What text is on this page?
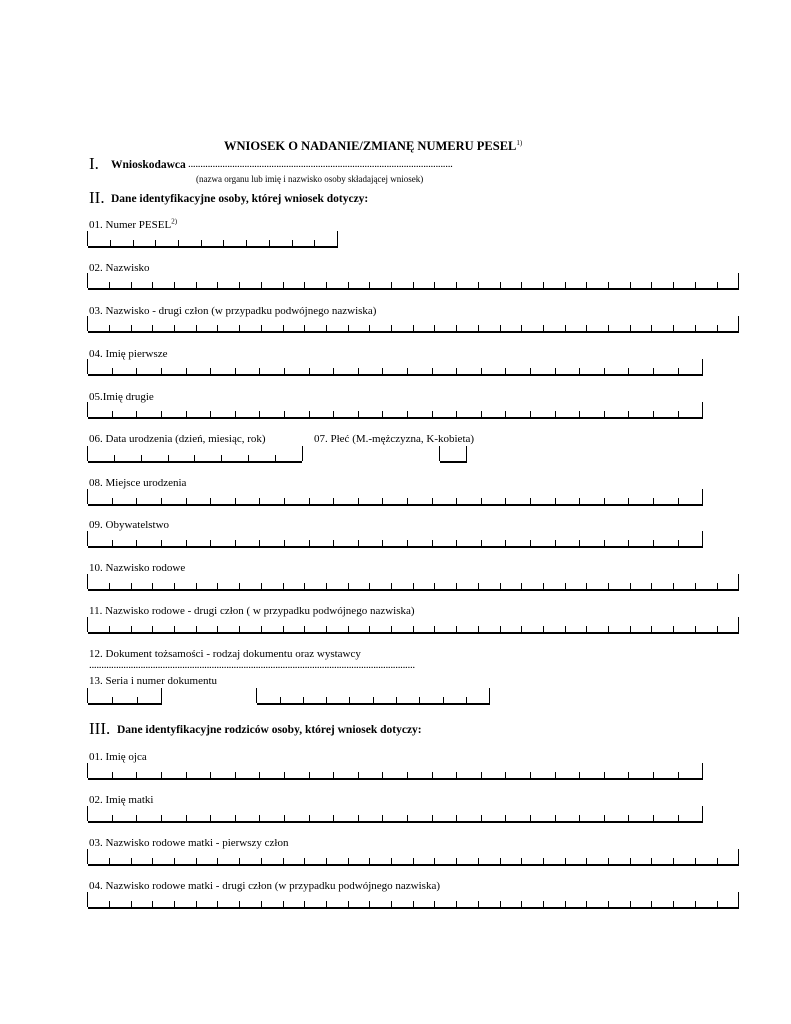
WNIOSEK O NADANIE/ZMIANĘ NUMERU PESEL$^{1)}$
I. Wnioskodawca ............................................................................................................
(nazwa organu lub imię i nazwisko osoby składającej wniosek)
II. Dane identyfikacyjne osoby, której wniosek dotyczy:
01. Numer PESEL$^{2)}$
02. Nazwisko
03. Nazwisko - drugi człon (w przypadku podwójnego nazwiska)
04. Imię pierwsze
05.Imię drugie
06. Data urodzenia (dzień, miesiąc, rok)	07. Płeć (M.-mężczyzna, K-kobieta)
08. Miejsce urodzenia
09. Obywatelstwo
10. Nazwisko rodowe
11. Nazwisko rodowe - drugi człon ( w przypadku podwójnego nazwiska)
12. Dokument tożsamości - rodzaj dokumentu oraz wystawcy
.....................................................................................................................................
13. Seria i numer dokumentu
III. Dane identyfikacyjne rodziców osoby, której wniosek dotyczy:
01. Imię ojca
02. Imię matki
03. Nazwisko rodowe matki - pierwszy człon
04. Nazwisko rodowe matki - drugi człon (w przypadku podwójnego nazwiska)
